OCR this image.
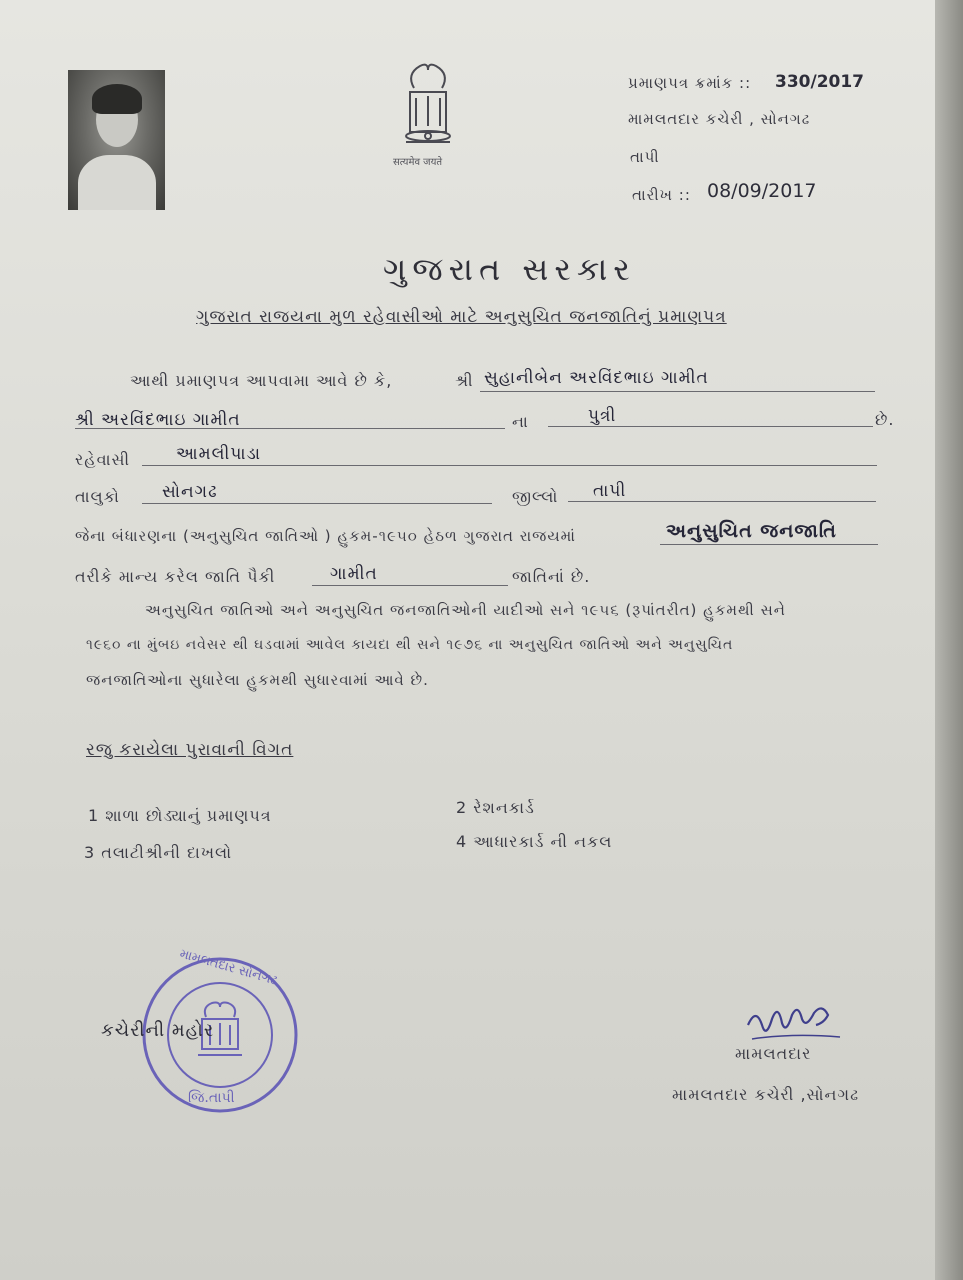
सत्यमेव जयते
પ્રમાણપત્ર ક્રમાંક :: 330/2017
મામલતદાર કચેરી , સોનગઢ
તાપી
તારીખ :: 08/09/2017
ગુજરાત સરકાર
ગુજરાત રાજયના મુળ રહેવાસીઓ માટે અનુસુચિત જનજાતિનું પ્રમાણપત્ર
આથી પ્રમાણપત્ર આપવામા આવે છે કે,	શ્રી સુહાનીબેન અરવિંદભાઇ ગામીત
શ્રી અરવિંદભાઇ ગામીત	ના	પુત્રી	છે.
રહેવાસી	આમલીપાડા
તાલુકો સોનગઢ	જીલ્લો તાપી
જેના બંધારણના (અનુસુચિત જાતિઓ ) હુકમ-૧૯૫૦ હેઠળ ગુજરાત રાજયમાં	અનુસુચિત જનજાતિ
તરીકે માન્ય કરેલ જાતિ પૈકી	ગામીત	જાતિનાં છે.
અનુસુચિત જાતિઓ અને અનુસુચિત જનજાતિઓની યાદીઓ સને ૧૯૫૬ (રૂપાંતરીત) હુકમથી સને
૧૯૬૦ ના મુંબઇ નવેસર થી ઘડવામાં આવેલ કાયદા થી સને ૧૯૭૬ ના અનુસુચિત જાતિઓ અને અનુસુચિત
જનજાતિઓના સુધારેલા હુકમથી સુધારવામાં આવે છે.
રજુ કરાયેલા પુરાવાની વિગત
1 શાળા છોડ્યાનું પ્રમાણપત્ર	2 રેશનકાર્ડ
3 તલાટીશ્રીની દાખલો
4 આધારકાર્ડ ની નકલ
મામલતદાર સોનગઢ
જિ.તાપી
કચેરીની મહોર
મામલતદાર
મામલતદાર કચેરી ,સોનગઢ
